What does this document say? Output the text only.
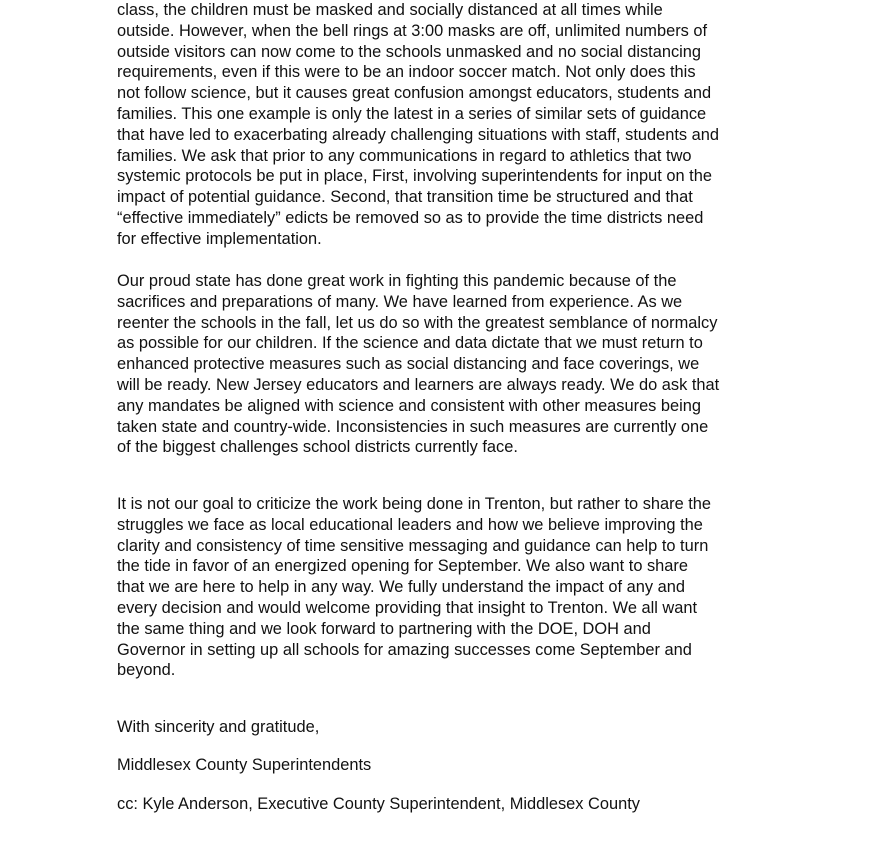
class, the children must be masked and socially distanced at all times while
outside. However, when the bell rings at 3:00 masks are off, unlimited numbers of
outside visitors can now come to the schools unmasked and no social distancing
requirements, even if this were to be an indoor soccer match. Not only does this
not follow science, but it causes great confusion amongst educators, students and
families. This one example is only the latest in a series of similar sets of guidance
that have led to exacerbating already challenging situations with staff, students and
families. We ask that prior to any communications in regard to athletics that two
systemic protocols be put in place, First, involving superintendents for input on the
impact of potential guidance. Second, that transition time be structured and that
“effective immediately” edicts be removed so as to provide the time districts need
for effective implementation.
Our proud state has done great work in fighting this pandemic because of the
sacrifices and preparations of many. We have learned from experience. As we
reenter the schools in the fall, let us do so with the greatest semblance of normalcy
as possible for our children. If the science and data dictate that we must return to
enhanced protective measures such as social distancing and face coverings, we
will be ready. New Jersey educators and learners are always ready. We do ask that
any mandates be aligned with science and consistent with other measures being
taken state and country-wide. Inconsistencies in such measures are currently one
of the biggest challenges school districts currently face.
It is not our goal to criticize the work being done in Trenton, but rather to share the
struggles we face as local educational leaders and how we believe improving the
clarity and consistency of time sensitive messaging and guidance can help to turn
the tide in favor of an energized opening for September. We also want to share
that we are here to help in any way. We fully understand the impact of any and
every decision and would welcome providing that insight to Trenton. We all want
the same thing and we look forward to partnering with the DOE, DOH and
Governor in setting up all schools for amazing successes come September and
beyond.
With sincerity and gratitude,
Middlesex County Superintendents
cc: Kyle Anderson, Executive County Superintendent, Middlesex County
